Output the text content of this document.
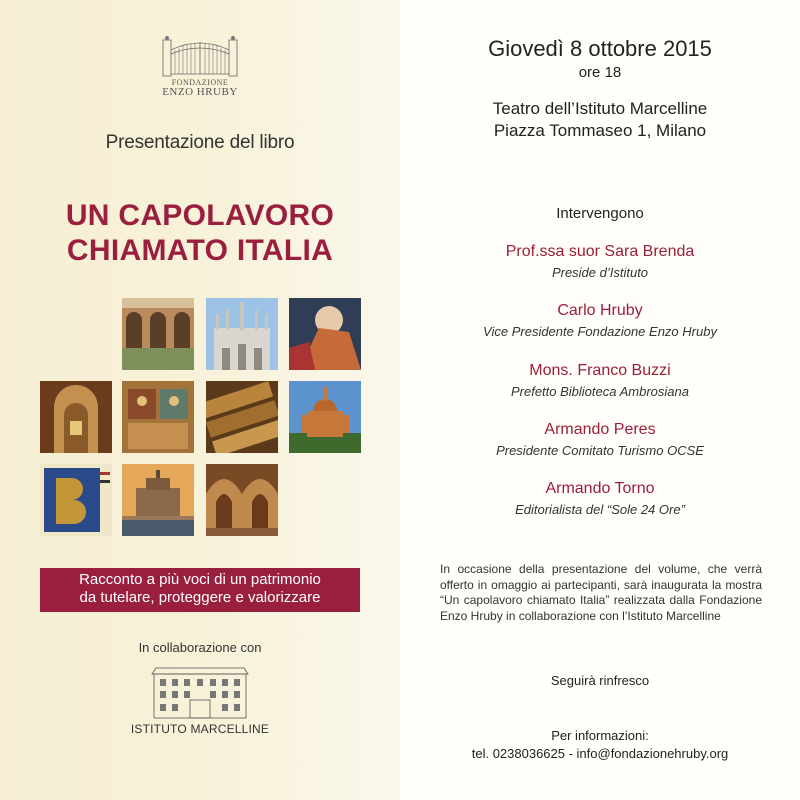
FONDAZIONE
ENZO HRUBY
Presentazione del libro
UN CAPOLAVORO
CHIAMATO ITALIA
Racconto a più voci di un patrimonio
da tutelare, proteggere e valorizzare
In collaborazione con
ISTITUTO MARCELLINE
Giovedì 8 ottobre 2015
ore 18
Teatro dell’Istituto Marcelline
Piazza Tommaseo 1, Milano
Intervengono
Prof.ssa suor Sara Brenda
Preside d’Istituto
Carlo Hruby
Vice Presidente Fondazione Enzo Hruby
Mons. Franco Buzzi
Prefetto Biblioteca Ambrosiana
Armando Peres
Presidente Comitato Turismo OCSE
Armando Torno
Editorialista del “Sole 24 Ore”
In occasione della presentazione del volume, che verrà offerto in omaggio ai partecipanti, sarà inaugurata la mostra “Un capolavoro chiamato Italia” realizzata dalla Fondazione Enzo Hruby in collaborazione con l’Istituto Marcelline
Seguirà rinfresco
Per informazioni:
tel. 0238036625 - info@fondazionehruby.org
